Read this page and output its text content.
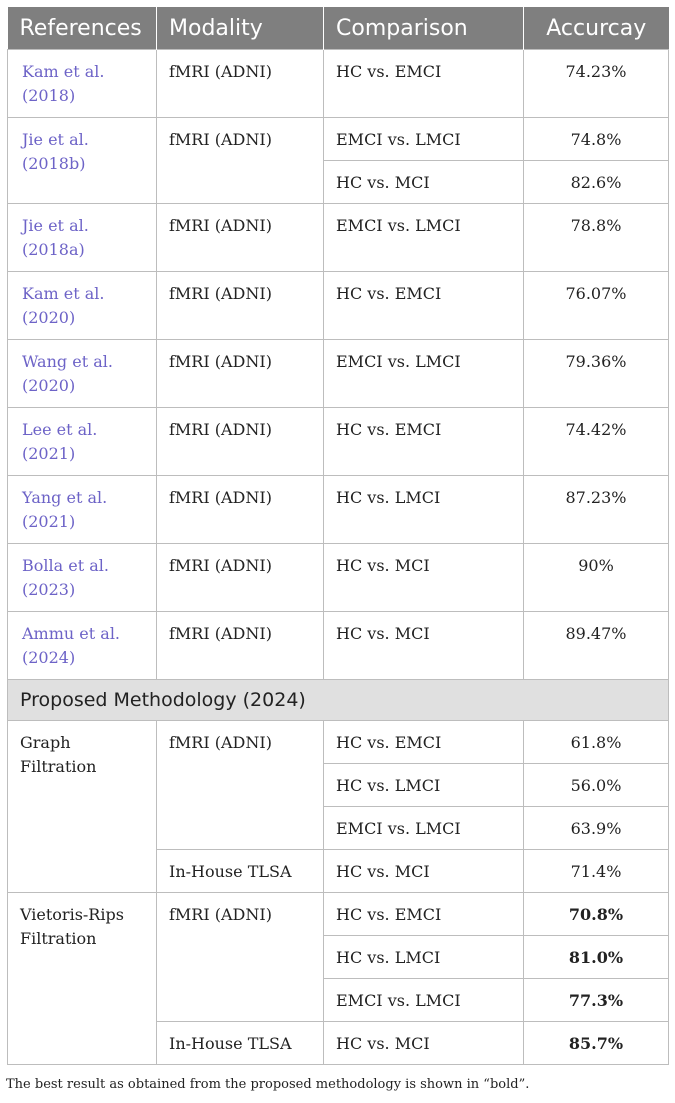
References	Modality	Comparison	Accurcay

Kam et al.
(2018)	fMRI (ADNI)	HC vs. EMCI	74.23%

Jie et al.
(2018b)	fMRI (ADNI)	EMCI vs. LMCI	74.8%
		HC vs. MCI	82.6%

Jie et al.
(2018a)	fMRI (ADNI)	EMCI vs. LMCI	78.8%

Kam et al.
(2020)	fMRI (ADNI)	HC vs. EMCI	76.07%

Wang et al.
(2020)	fMRI (ADNI)	EMCI vs. LMCI	79.36%

Lee et al.
(2021)	fMRI (ADNI)	HC vs. EMCI	74.42%

Yang et al.
(2021)	fMRI (ADNI)	HC vs. LMCI	87.23%

Bolla et al.
(2023)	fMRI (ADNI)	HC vs. MCI	90%

Ammu et al.
(2024)	fMRI (ADNI)	HC vs. MCI	89.47%
Proposed Methodology (2024)			

Graph
Filtration	fMRI (ADNI)	HC vs. EMCI	61.8%
		HC vs. LMCI	56.0%
		EMCI vs. LMCI	63.9%
	In-House TLSA	HC vs. MCI	71.4%

Vietoris-Rips
Filtration	fMRI (ADNI)	HC vs. EMCI	70.8%
		HC vs. LMCI	81.0%
		EMCI vs. LMCI	77.3%
	In-House TLSA	HC vs. MCI	85.7%
The best result as obtained from the proposed methodology is shown in “bold”.
